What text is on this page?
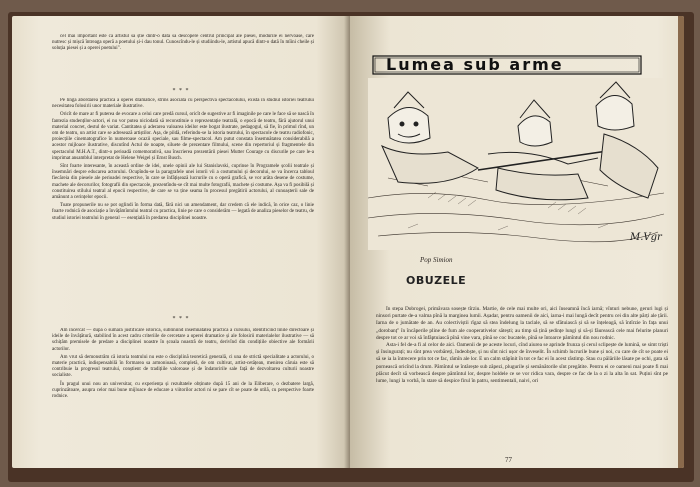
cel mai important este ca artistul să știe dintr-o dată să descopere centrul principal ale piesei, modurile ei nervoase, care nutresc și mișcă întreaga operă a poetului și-i dau tonul. Cunoscîndu-le și studiindu-le, artistul apucă dintr-o dată în mîini cheile și soluția piesei și a operei poetului".

* * *

Pe lîngă abordarea practică a operei dramatice, strîns asociată cu perspectiva spectacolului, există în studiul istoriei teatrului necesitatea folosirii unor materiale ilustrative.

Oricît de mare ar fi puterea de evocare a celui care predă cursul, oricît de sugestive ar fi imaginile pe care le face să se nască în fantezia studenților-actori, ei nu vor putea niciodată să reconstituie o reprezentație teatrală, o epocă de teatru, fără ajutorul unui material concret, destul de variat. Cantitatea și aderarea valoarea ideilor este bogat ilustrate, pedagogul, să fie, în primul rînd, un om de teatru, un artist care se adresează artiștilor. Așa, de pildă, referindu-se la istoria teatrului, în spectacole de teatru radiofonic, proiecțiile cinematografice în numeroase ocazii speciale, sau filme-spectacol. Am putut constata însemnătatea considerabilă a acestor mijloace ilustrative, discutînd Actul de noapte, siluete de prezentare filmului, scene din repertoriul și fragmentele din spectacolul M.H.A.T., dintr-o perioadă comemorativă, sau înscrierea prezentării piesei Mutter Courage cu discurile pe care le-a imprimat ansamblul interpretat de Helene Weigel și Ernst Busch.

Sînt foarte interesante, în această ordine de idei, unele opinii ale lui Stanislavski, cuprinse în Programele școlii teatrale și însemnări despre educarea actorului. Ocupîndu-se la paragrafele unei istorii vii a costumului și decorului, se va încerca tabloul fiecăreia din piesele ale perioadei respective, în care se înfățișează lucrurile cu o operă grafică, se vor arăta desene de costume, machete ale decorurilor, fotografii din spectacole, prezentîndu-se cît mai multe fotografii, machete și costume. Așa va fi posibilă și constituirea stilului teatral al epocii respective, de care se va ține seama în procesul pregătirii actorului, al cunoașterii sale de amănunt a cerințelor epocii.

Toate propunerile nu se pot oglindi în forma dată, fără nici un amendament, dar credem că ele indică, în orice caz, o linie foarte rodnică de asociație a învățămîntului teatral cu practica, linie pe care o considerăm — legată de analiza pieselor de teatru, de studiul istoriei teatrului în general — esențială în predarea disciplinei noastre.

* * *

Am încercat — după o sumară justificare istorică, subliniind însemnătatea practică a cursului, identificînd linile directoare și ideile de învățătură, stabilind în acest cadru criteriile de cercetare a operei dramatice și ale folosirii materialelor ilustrative — să schițăm premisele de predare a disciplinei noastre în școala noastră de teatru, derivînd din condițiile obiective ale formării actorilor.

Am vrut să demonstrăm că istoria teatrului nu este o disciplină teoretică generală, ci una de strictă specialitate a actorului, o materie practică, indispensabilă în formarea sa armonioasă, completă, de om cultivat, artist-cetățean, menirea căruia este să contribuie la progresul teatrului, conștient de tradițiile valoroase și de îndatoririle sale față de dezvoltarea culturii noastre socialiste.

În pragul unui nou an universitar, cu experiența și rezultatele obținute după 15 ani de la Eliberare, o dezbatere largă, cuprinzătoare, asupra celor mai bune mijloace de educare a viitorilor actori ni se pare cît se poate de utilă, cu perspective foarte rodnice.

Lumea sub arme
M.Vgr
Pop Simion
OBUZELE

În stepa Dobrogei, primăvara sosește tîrziu. Martie, de cele mai multe ori, aici înseamnă încă iarnă; vînturi nebune, geruri lugi și ninsori purtate de-a valma pînă la marginea lumii. Așadar, pentru oamenii de aici, iarna-i mai lungă decît pentru cei din alte părți ale țării. Iarna de o jumătate de an. Au colectiviștii rîgaz să stea îndelung la taclale, să se sfătuiască și să se înțeleagă, să întîrzie în fața unui „dorobanț" în încăperile pline de fum ale cooperativelor sătești; au timp să țină ședințe lungi și să-și făurească cele mai felurite planuri despre tot ce ar voi să înfăptuiască pînă vine vara, pînă se coc bucatele, pînă se întoarce pămîntul din nou rodnic.

Asta-i fel de-a fi al celor de aici. Oamenii de pe aceste locuri, cînd aiurea se aprinde frunza și cerul sclipește de lumină, se simt triști și însingurați; nu sînt prea vorbăreți, îndeobște, și nu sînt nici ușor de înveselit. În schimb lucrurile bune și noi, cu care de cît se poate ei să se ia la întrecere prin tot ce fac, rămîn ale lor. E un calm stăpînit în tot ce fac ei în acest răstimp. Stau cu pălăriile lăsate pe ochi, gata să pornească oricînd la drum. Pămîntul se întărește sub zăpezi, plugurile și semănătorile sînt pregătite. Pentru ei ce oameni mai poate fi mai plăcut decît să vorbească despre pămîntul lor, despre holdele ce se vor ridica vara, despre ce fac de la o zi la alta în sat. Puțini sînt pe lume, lungi la vorbă, în stare să despice firul în patru, sentimentali, naivi, ori

77
